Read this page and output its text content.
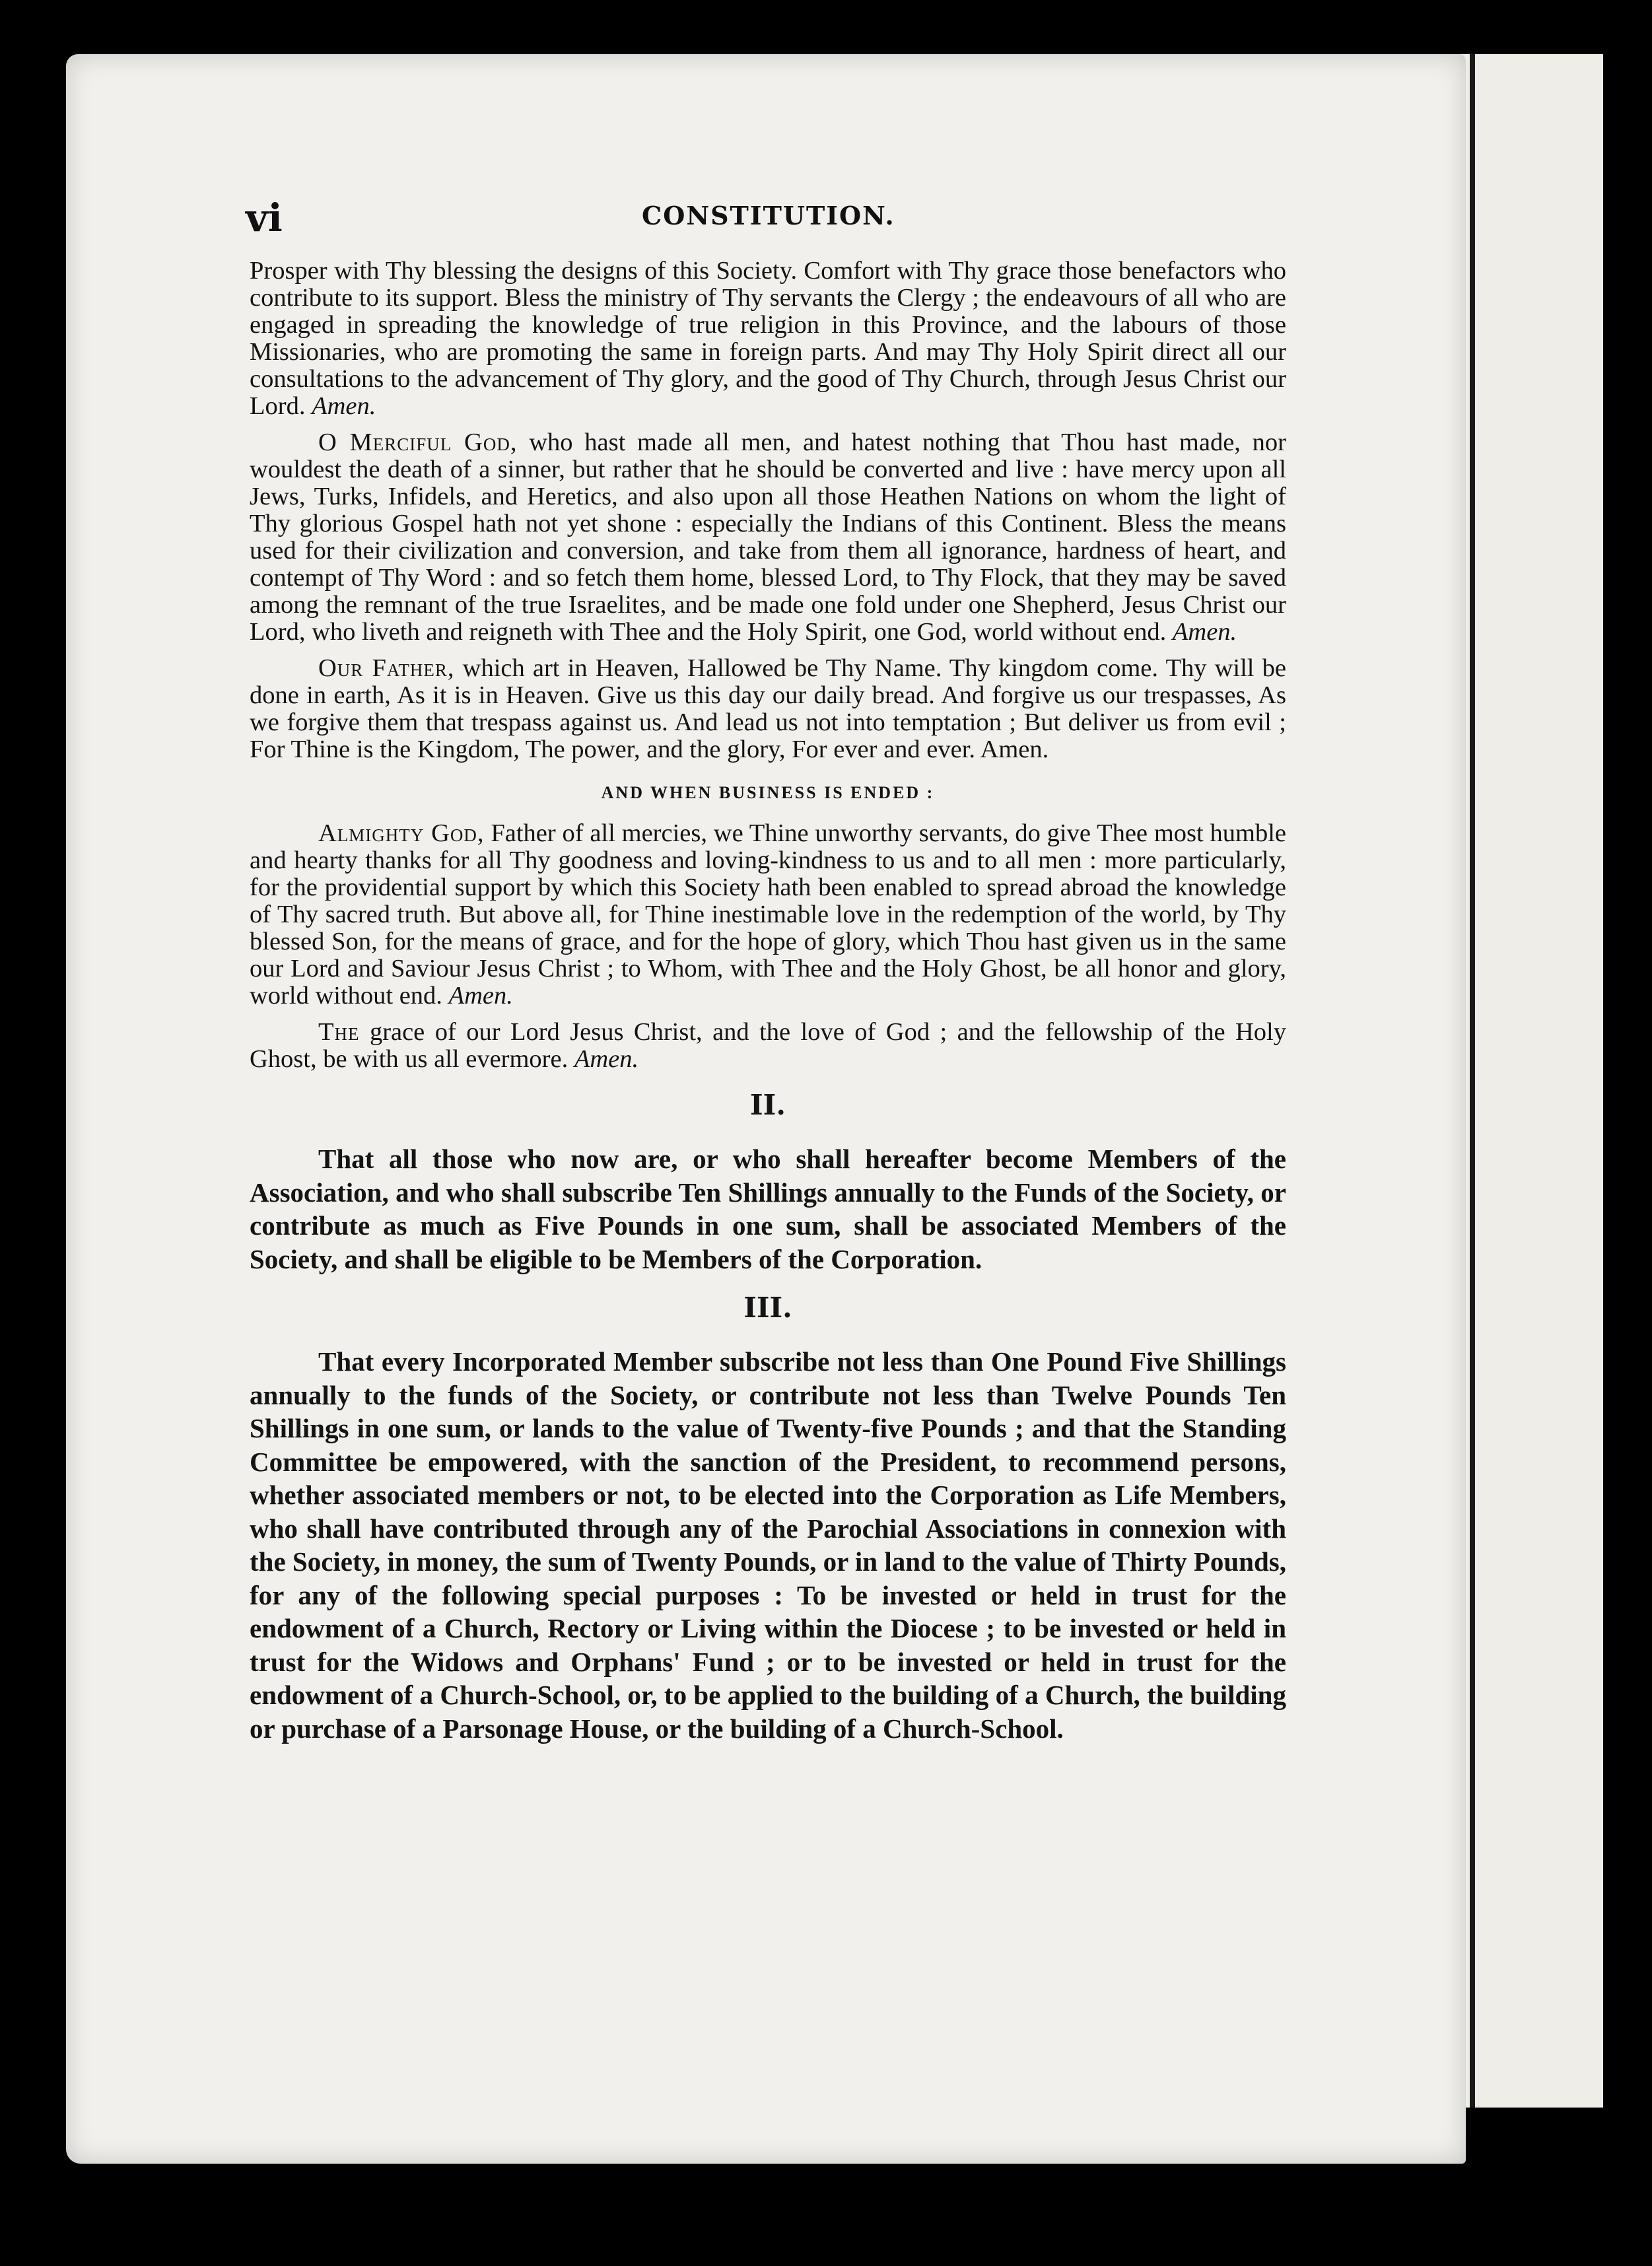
vi	CONSTITUTION.

Prosper with Thy blessing the designs of this Society. Comfort with Thy grace those benefactors who contribute to its support. Bless the ministry of Thy servants the Clergy ; the endeavours of all who are engaged in spreading the knowledge of true religion in this Province, and the labours of those Missionaries, who are promoting the same in foreign parts. And may Thy Holy Spirit direct all our consultations to the advancement of Thy glory, and the good of Thy Church, through Jesus Christ our Lord. Amen.

O Merciful God, who hast made all men, and hatest nothing that Thou hast made, nor wouldest the death of a sinner, but rather that he should be converted and live : have mercy upon all Jews, Turks, Infidels, and Heretics, and also upon all those Heathen Nations on whom the light of Thy glorious Gospel hath not yet shone : especially the Indians of this Continent. Bless the means used for their civilization and conversion, and take from them all ignorance, hardness of heart, and contempt of Thy Word : and so fetch them home, blessed Lord, to Thy Flock, that they may be saved among the remnant of the true Israelites, and be made one fold under one Shepherd, Jesus Christ our Lord, who liveth and reigneth with Thee and the Holy Spirit, one God, world without end. Amen.

Our Father, which art in Heaven, Hallowed be Thy Name. Thy kingdom come. Thy will be done in earth, As it is in Heaven. Give us this day our daily bread. And forgive us our trespasses, As we forgive them that trespass against us. And lead us not into temptation ; But deliver us from evil ; For Thine is the Kingdom, The power, and the glory, For ever and ever. Amen.

AND WHEN BUSINESS IS ENDED :

Almighty God, Father of all mercies, we Thine unworthy servants, do give Thee most humble and hearty thanks for all Thy goodness and loving-kindness to us and to all men : more particularly, for the providential support by which this Society hath been enabled to spread abroad the knowledge of Thy sacred truth. But above all, for Thine inestimable love in the redemption of the world, by Thy blessed Son, for the means of grace, and for the hope of glory, which Thou hast given us in the same our Lord and Saviour Jesus Christ ; to Whom, with Thee and the Holy Ghost, be all honor and glory, world without end. Amen.

The grace of our Lord Jesus Christ, and the love of God ; and the fellowship of the Holy Ghost, be with us all evermore. Amen.

II.

That all those who now are, or who shall hereafter become Members of the Association, and who shall subscribe Ten Shillings annually to the Funds of the Society, or contribute as much as Five Pounds in one sum, shall be associated Members of the Society, and shall be eligible to be Members of the Corporation.

III.

That every Incorporated Member subscribe not less than One Pound Five Shillings annually to the funds of the Society, or contribute not less than Twelve Pounds Ten Shillings in one sum, or lands to the value of Twenty-five Pounds ; and that the Standing Committee be empowered, with the sanction of the President, to recommend persons, whether associated members or not, to be elected into the Corporation as Life Members, who shall have contributed through any of the Parochial Associations in connexion with the Society, in money, the sum of Twenty Pounds, or in land to the value of Thirty Pounds, for any of the following special purposes : To be invested or held in trust for the endowment of a Church, Rectory or Living within the Diocese ; to be invested or held in trust for the Widows and Orphans' Fund ; or to be invested or held in trust for the endowment of a Church-School, or, to be applied to the building of a Church, the building or purchase of a Parsonage House, or the building of a Church-School.
